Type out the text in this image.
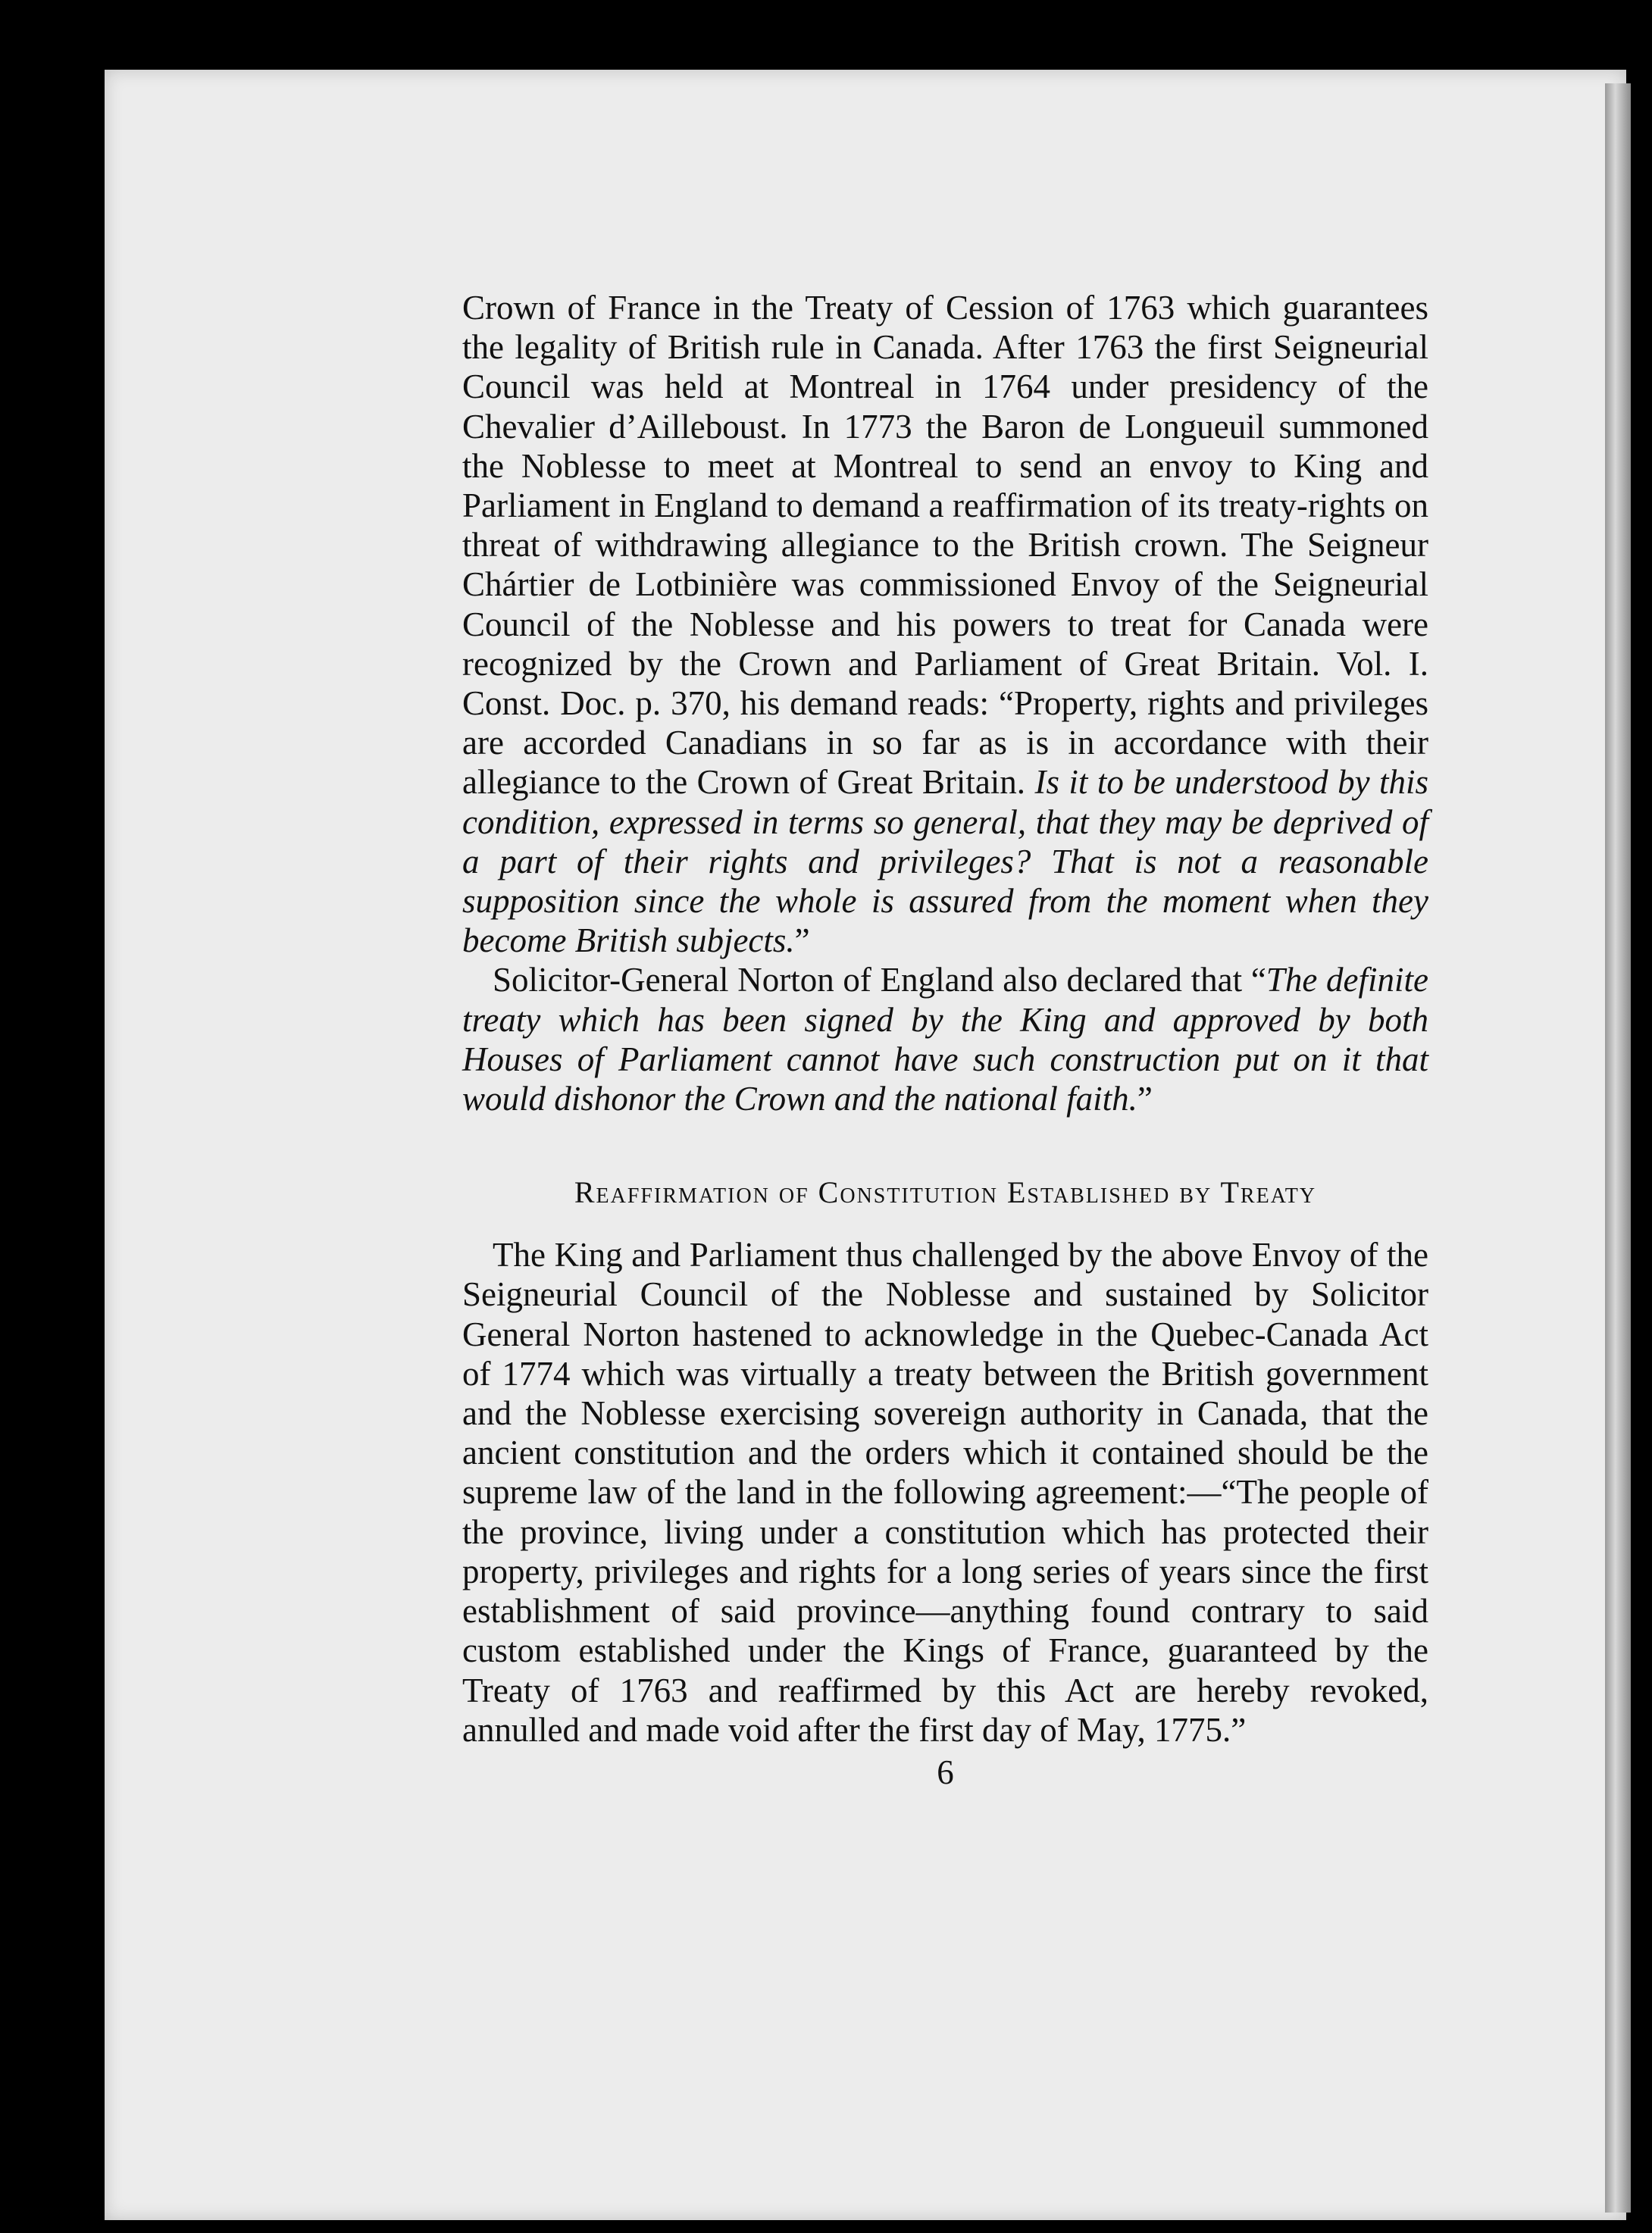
Crown of France in the Treaty of Cession of 1763 which guarantees the legality of British rule in Canada. After 1763 the first Seigneurial Council was held at Montreal in 1764 under presidency of the Chevalier d’Ailleboust. In 1773 the Baron de Longueuil summoned the Noblesse to meet at Montreal to send an envoy to King and Parliament in England to demand a reaffirmation of its treaty-rights on threat of withdrawing allegiance to the British crown. The Seigneur Chártier de Lotbinière was commissioned Envoy of the Seigneurial Council of the Noblesse and his powers to treat for Canada were recognized by the Crown and Parliament of Great Britain. Vol. I. Const. Doc. p. 370, his demand reads: “Property, rights and privileges are accorded Canadians in so far as is in accordance with their allegiance to the Crown of Great Britain. Is it to be understood by this condition, expressed in terms so general, that they may be deprived of a part of their rights and privileges? That is not a reasonable supposition since the whole is assured from the moment when they become British subjects.”

Solicitor-General Norton of England also declared that “The definite treaty which has been signed by the King and approved by both Houses of Parliament cannot have such construction put on it that would dishonor the Crown and the national faith.”

Reaffirmation of Constitution Established by Treaty

The King and Parliament thus challenged by the above Envoy of the Seigneurial Council of the Noblesse and sustained by Solicitor General Norton hastened to acknowledge in the Quebec-Canada Act of 1774 which was virtually a treaty between the British government and the Noblesse exercising sovereign authority in Canada, that the ancient constitution and the orders which it contained should be the supreme law of the land in the following agreement:—“The people of the province, living under a constitution which has protected their property, privileges and rights for a long series of years since the first establishment of said province—anything found contrary to said custom established under the Kings of France, guaranteed by the Treaty of 1763 and reaffirmed by this Act are hereby revoked, annulled and made void after the first day of May, 1775.”

6
